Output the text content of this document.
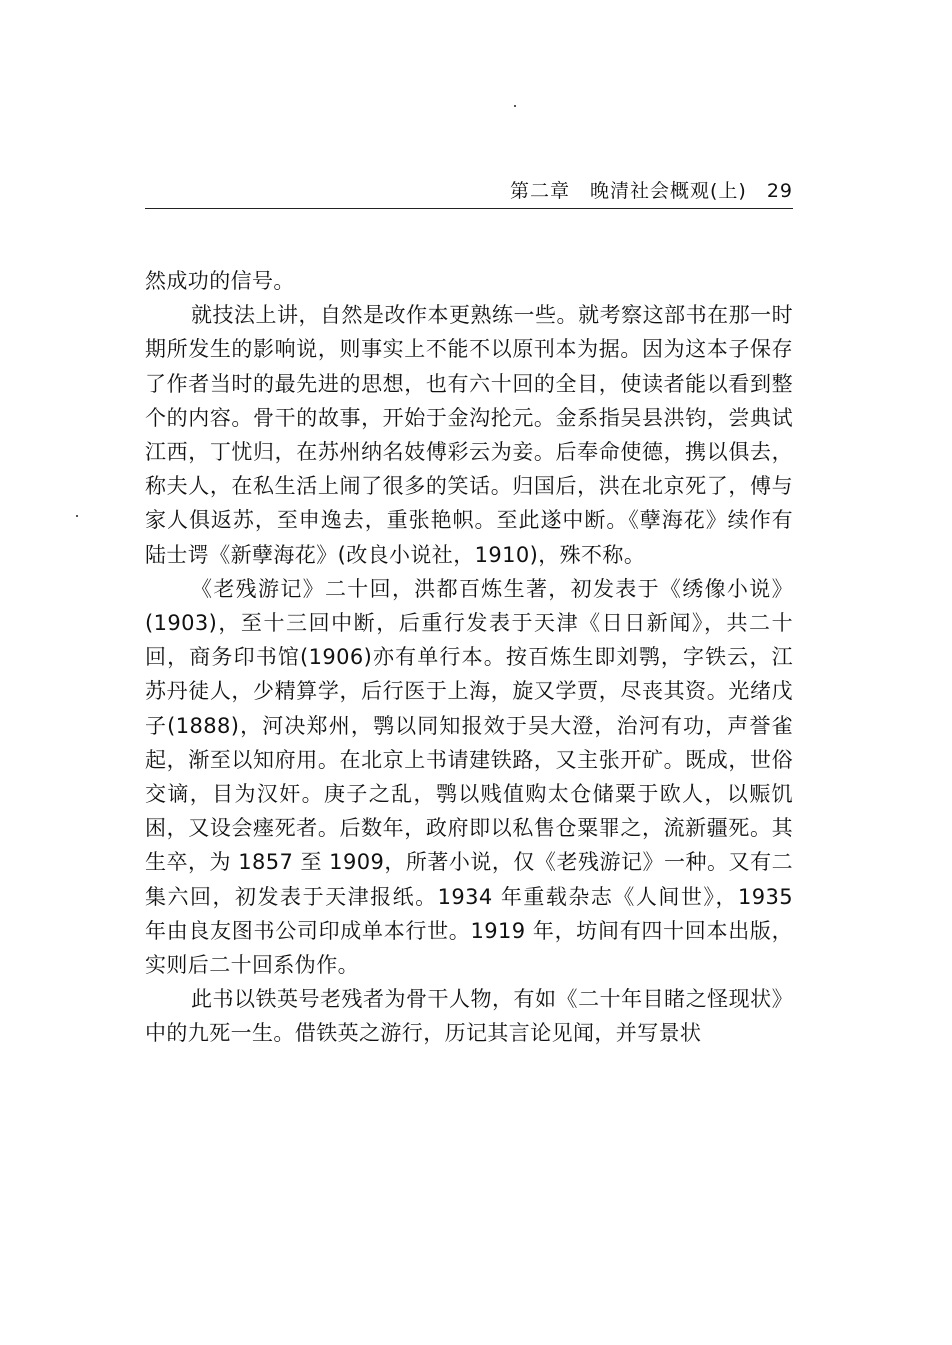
第二章 晚清社会概观(上) 29

然成功的信号。

就技法上讲，自然是改作本更熟练一些。就考察这部书在那一时期所发生的影响说，则事实上不能不以原刊本为据。因为这本子保存了作者当时的最先进的思想，也有六十回的全目，使读者能以看到整个的内容。骨干的故事，开始于金沟抡元。金系指吴县洪钧，尝典试江西，丁忧归，在苏州纳名妓傅彩云为妾。后奉命使德，携以俱去，称夫人，在私生活上闹了很多的笑话。归国后，洪在北京死了，傅与家人俱返苏，至申逸去，重张艳帜。至此遂中断。《孽海花》续作有陆士谔《新孽海花》(改良小说社，1910)，殊不称。

《老残游记》二十回，洪都百炼生著，初发表于《绣像小说》(1903)，至十三回中断，后重行发表于天津《日日新闻》，共二十回，商务印书馆(1906)亦有单行本。按百炼生即刘鹗，字铁云，江苏丹徒人，少精算学，后行医于上海，旋又学贾，尽丧其资。光绪戊子(1888)，河决郑州，鹗以同知报效于吴大澄，治河有功，声誉雀起，渐至以知府用。在北京上书请建铁路，又主张开矿。既成，世俗交谪，目为汉奸。庚子之乱，鹗以贱值购太仓储粟于欧人，以赈饥困，又设会瘗死者。后数年，政府即以私售仓粟罪之，流新疆死。其生卒，为 1857 至 1909，所著小说，仅《老残游记》一种。又有二集六回，初发表于天津报纸。1934 年重载杂志《人间世》，1935 年由良友图书公司印成单本行世。1919 年，坊间有四十回本出版，实则后二十回系伪作。

此书以铁英号老残者为骨干人物，有如《二十年目睹之怪现状》中的九死一生。借铁英之游行，历记其言论见闻，并写景状
